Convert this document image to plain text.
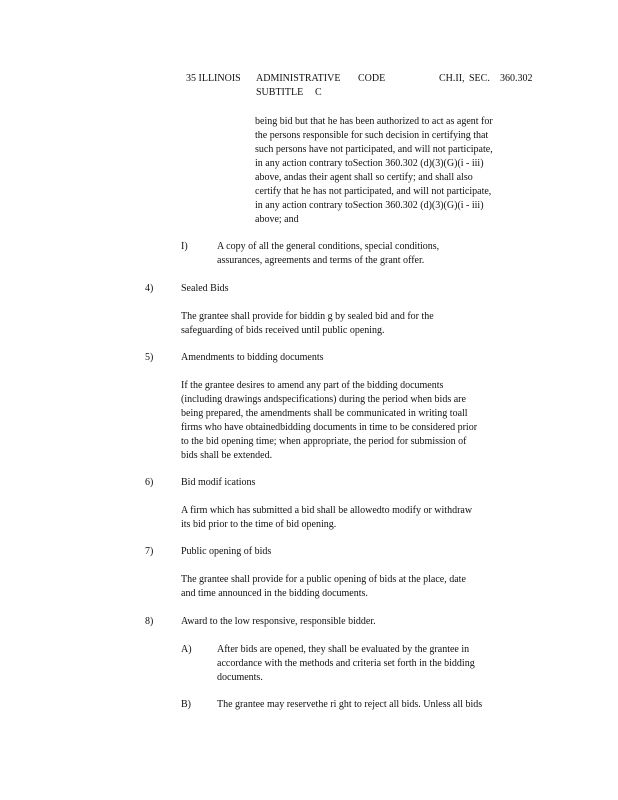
35 ILLINOIS ADMINISTRATIVE CODE	CH.II, SEC. 360.302
SUBTITLE C
being bid but that he has been authorized to act as agent for
the persons responsible for such decision in certifying that
such persons have not participated, and will not participate,
in any action contrary toSection 360.302 (d)(3)(G)(i - iii)
above, andas their agent shall so certify; and shall also
certify that he has not participated, and will not participate,
in any action contrary toSection 360.302 (d)(3)(G)(i - iii)
above; and
I)	A copy of all the general conditions, special conditions,
assurances, agreements and terms of the grant offer.
4)	Sealed Bids
The grantee shall provide for biddin g by sealed bid and for the
safeguarding of bids received until public opening.
5)	Amendments to bidding documents
If the grantee desires to amend any part of the bidding documents
(including drawings andspecifications) during the period when bids are
being prepared, the amendments shall be communicated in writing toall
firms who have obtainedbidding documents in time to be considered prior
to the bid opening time; when appropriate, the period for submission of
bids shall be extended.
6)	Bid modif ications
A firm which has submitted a bid shall be allowedto modify or withdraw
its bid prior to the time of bid opening.
7)	Public opening of bids
The grantee shall provide for a public opening of bids at the place, date
and time announced in the bidding documents.
8)	Award to the low responsive, responsible bidder.
A)	After bids are opened, they shall be evaluated by the grantee in
accordance with the methods and criteria set forth in the bidding
documents.
B)	The grantee may reservethe ri ght to reject all bids. Unless all bids
